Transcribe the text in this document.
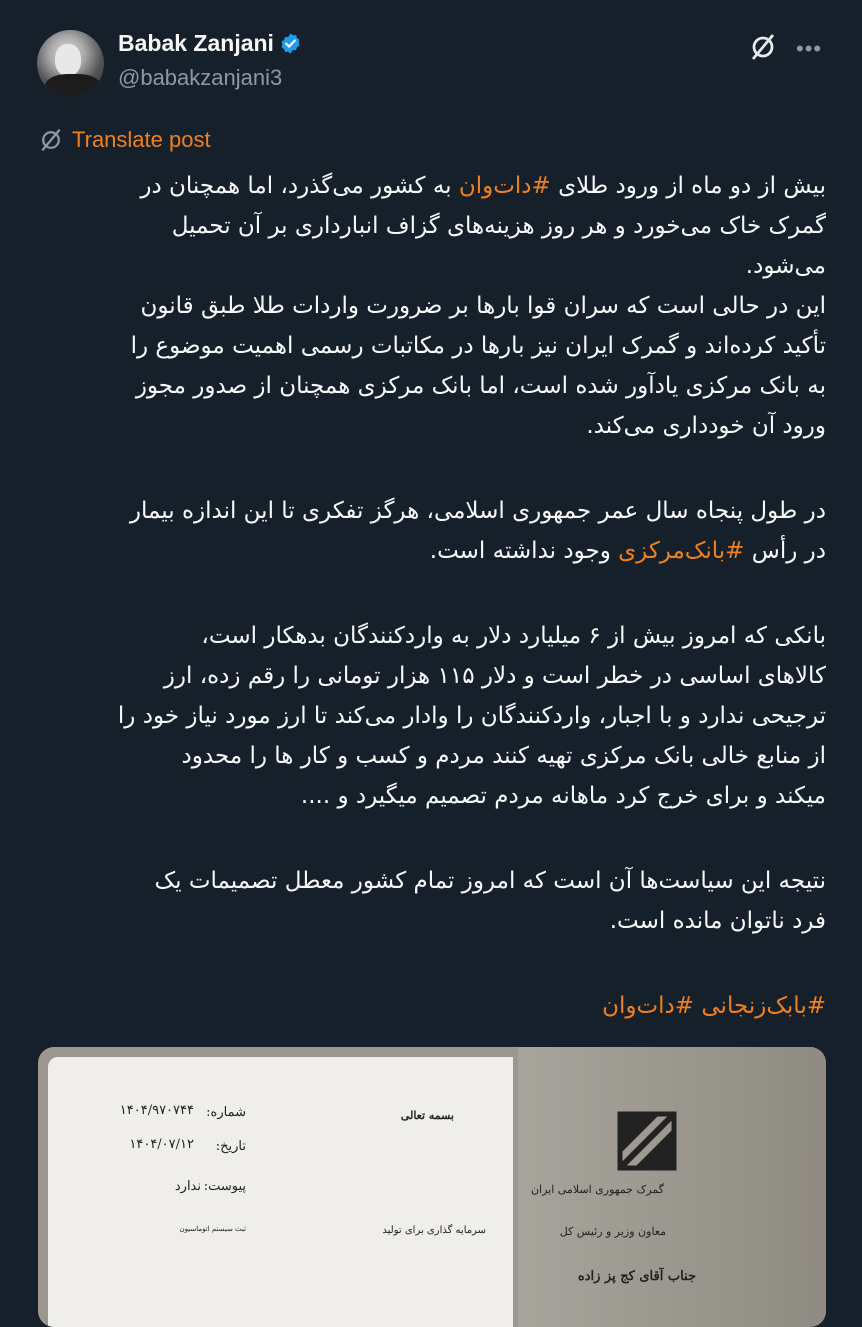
Babak Zanjani
@babakzanjani3
•••
Translate post
بیش از دو ماه از ورود طلای #دات‌وان به کشور می‌گذرد، اما همچنان در
گمرک خاک می‌خورد و هر روز هزینه‌های گزاف انبارداری بر آن تحمیل
می‌شود.
این در حالی است که سران قوا بارها بر ضرورت واردات طلا طبق قانون
تأکید کرده‌اند و گمرک ایران نیز بارها در مکاتبات رسمی اهمیت موضوع را
به بانک مرکزی یادآور شده است، اما بانک مرکزی همچنان از صدور مجوز
ورود آن خودداری می‌کند.
در طول پنجاه سال عمر جمهوری اسلامی، هرگز تفکری تا این اندازه بیمار
در رأس #بانک‌مرکزی وجود نداشته است.
بانکی که امروز بیش از ۶ میلیارد دلار به واردکنندگان بدهکار است،
کالاهای اساسی در خطر است و دلار ۱۱۵ هزار تومانی را رقم زده، ارز
ترجیحی ندارد و با اجبار، واردکنندگان را وادار می‌کند تا ارز مورد نیاز خود را
از منابع خالی بانک مرکزی تهیه کنند مردم و کسب و کار ها را محدود
میکند و برای خرج کرد ماهانه مردم تصمیم میگیرد و ....
نتیجه این سیاست‌ها آن است که امروز تمام کشور معطل تصمیمات یک
فرد ناتوان مانده است.
#بابک‌زنجانی #دات‌وان
شماره:
۱۴۰۴/۹۷۰۷۴۴
تاریخ:
۱۴۰۴/۰۷/۱۲
پیوست:
ندارد
بسمه تعالی
گمرک جمهوری اسلامی ایران
معاون وزیر و رئیس کل
سرمایه گذاری برای تولید
ثبت سیستم اتوماسیون
جناب آقای کج پز زاده
